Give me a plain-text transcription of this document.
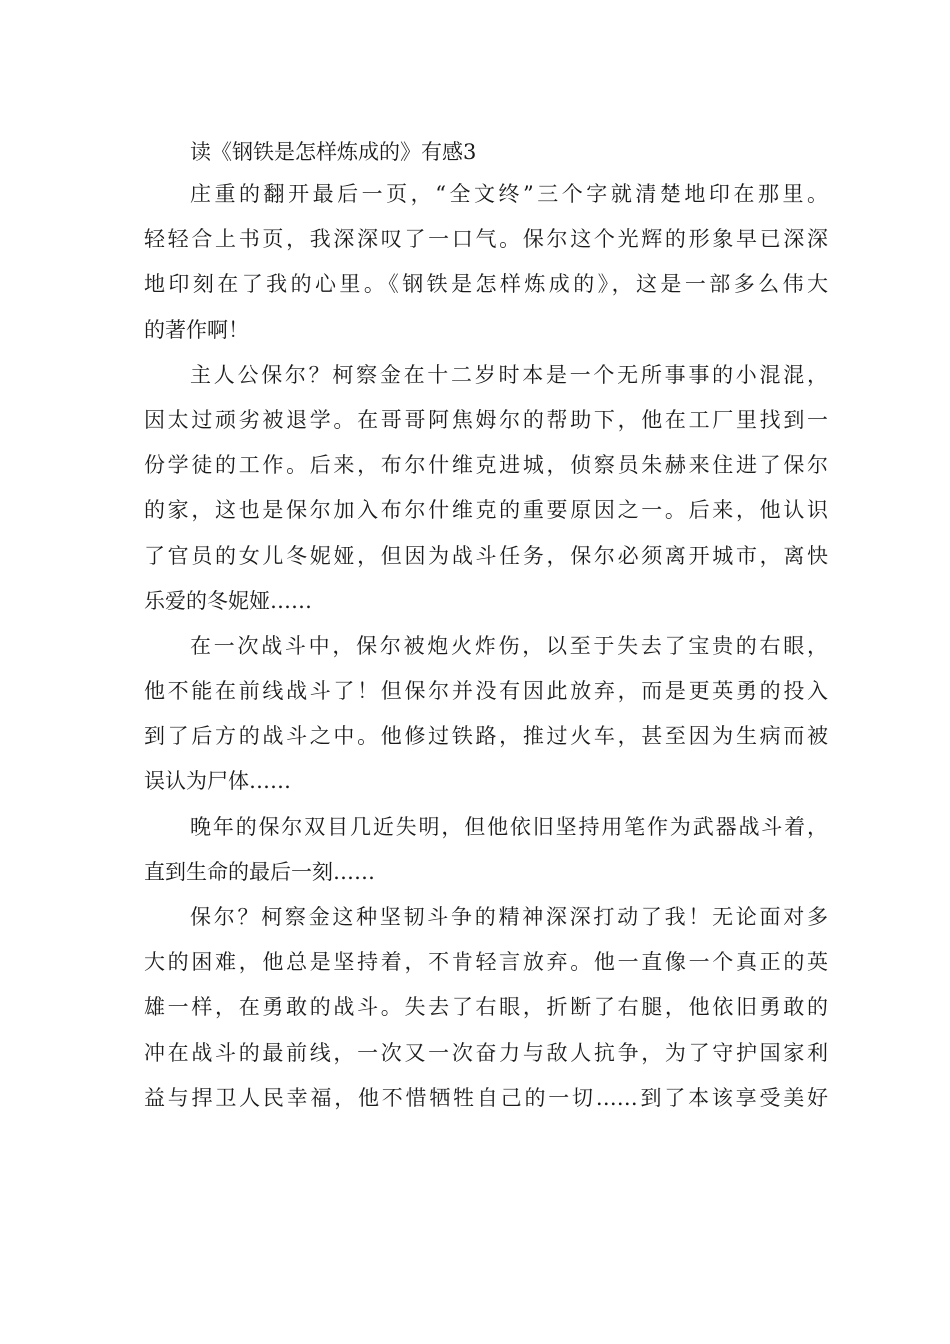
读《钢铁是怎样炼成的》有感3
庄重的翻开最后一页，“全文终”三个字就清楚地印在那里。
轻轻合上书页，我深深叹了一口气。保尔这个光辉的形象早已深深
地印刻在了我的心里。《钢铁是怎样炼成的》，这是一部多么伟大
的著作啊！
主人公保尔？柯察金在十二岁时本是一个无所事事的小混混，
因太过顽劣被退学。在哥哥阿焦姆尔的帮助下，他在工厂里找到一
份学徒的工作。后来，布尔什维克进城，侦察员朱赫来住进了保尔
的家，这也是保尔加入布尔什维克的重要原因之一。后来，他认识
了官员的女儿冬妮娅，但因为战斗任务，保尔必须离开城市，离快
乐爱的冬妮娅……
在一次战斗中，保尔被炮火炸伤，以至于失去了宝贵的右眼，
他不能在前线战斗了！但保尔并没有因此放弃，而是更英勇的投入
到了后方的战斗之中。他修过铁路，推过火车，甚至因为生病而被
误认为尸体……
晚年的保尔双目几近失明，但他依旧坚持用笔作为武器战斗着，
直到生命的最后一刻……
保尔？柯察金这种坚韧斗争的精神深深打动了我！无论面对多
大的困难，他总是坚持着，不肯轻言放弃。他一直像一个真正的英
雄一样，在勇敢的战斗。失去了右眼，折断了右腿，他依旧勇敢的
冲在战斗的最前线，一次又一次奋力与敌人抗争，为了守护国家利
益与捍卫人民幸福，他不惜牺牲自己的一切……到了本该享受美好
